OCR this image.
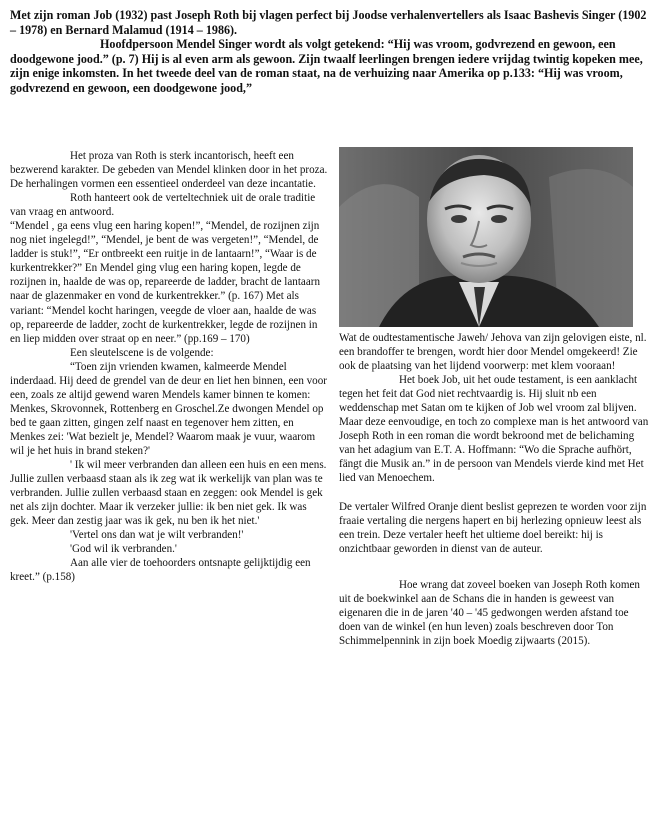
Met zijn roman Job (1932) past Joseph Roth bij vlagen perfect bij Joodse verhalenvertellers als Isaac Bashevis Singer (1902 – 1978) en Bernard Malamud (1914 – 1986).

Hoofdpersoon Mendel Singer wordt als volgt getekend: “Hij was vroom, godvrezend en gewoon, een doodgewone jood.” (p. 7) Hij is al even arm als gewoon. Zijn twaalf leerlingen brengen iedere vrijdag twintig kopeken mee, zijn enige inkomsten. In het tweede deel van de roman staat, na de verhuizing naar Amerika op p.133: “Hij was vroom, godvrezend en gewoon, een doodgewone jood,”

Het proza van Roth is sterk incantorisch, heeft een bezwerend karakter. De gebeden van Mendel klinken door in het proza. De herhalingen vormen een essentieel onderdeel van deze incantatie.

Roth hanteert ook de verteltechniek uit de orale traditie van vraag en antwoord.

“Mendel , ga eens vlug een haring kopen!”, “Mendel, de rozijnen zijn nog niet ingelegd!”, “Mendel, je bent de was vergeten!”, “Mendel, de ladder is stuk!”, “Er ontbreekt een ruitje in de lantaarn!”, “Waar is de kurkentrekker?” En Mendel ging vlug een haring kopen, legde de rozijnen in, haalde de was op, repareerde de ladder, bracht de lantaarn naar de glazenmaker en vond de kurkentrekker.” (p. 167) Met als variant: “Mendel kocht haringen, veegde de vloer aan, haalde de was op, repareerde de ladder, zocht de kurkentrekker, legde de rozijnen in en liep midden over straat op en neer.” (pp.169 – 170)

Een sleutelscene is de volgende:

“Toen zijn vrienden kwamen, kalmeerde Mendel inderdaad. Hij deed de grendel van de deur en liet hen binnen, een voor een, zoals ze altijd gewend waren Mendels kamer binnen te komen: Menkes, Skrovonnek, Rottenberg en Groschel.Ze dwongen Mendel op bed te gaan zitten, gingen zelf naast en tegenover hem zitten, en Menkes zei: 'Wat bezielt je, Mendel? Waarom maak je vuur, waarom wil je het huis in brand steken?'

' Ik wil meer verbranden dan alleen een huis en een mens. Jullie zullen verbaasd staan als ik zeg wat ik werkelijk van plan was te verbranden. Jullie zullen verbaasd staan en zeggen: ook Mendel is gek net als zijn dochter. Maar ik verzeker jullie: ik ben niet gek. Ik was gek. Meer dan zestig jaar was ik gek, nu ben ik het niet.'

'Vertel ons dan wat je wilt verbranden!'

'God wil ik verbranden.'

Aan alle vier de toehoorders ontsnapte gelijktijdig een kreet.” (p.158)

Wat de oudtestamentische Jaweh/ Jehova van zijn gelovigen eiste, nl. een brandoffer te brengen, wordt hier door Mendel omgekeerd! Zie ook de plaatsing van het lijdend voorwerp: met klem vooraan!

Het boek Job, uit het oude testament, is een aanklacht tegen het feit dat God niet rechtvaardig is. Hij sluit nb een weddenschap met Satan om te kijken of Job wel vroom zal blijven. Maar deze eenvoudige, en toch zo complexe man is het antwoord van Joseph Roth in een roman die wordt bekroond met de belichaming van het adagium van E.T. A. Hoffmann: “Wo die Sprache aufhört, fängt die Musik an.” in de persoon van Mendels vierde kind met Het lied van Menoechem.

De vertaler Wilfred Oranje dient beslist geprezen te worden voor zijn fraaie vertaling die nergens hapert en bij herlezing opnieuw leest als een trein. Deze vertaler heeft het ultieme doel bereikt: hij is onzichtbaar geworden in dienst van de auteur.

Hoe wrang dat zoveel boeken van Joseph Roth komen uit de boekwinkel aan de Schans die in handen is geweest van eigenaren die in de jaren '40 – '45 gedwongen werden afstand toe doen van de winkel (en hun leven) zoals beschreven door Ton Schimmelpennink in zijn boek Moedig zijwaarts (2015).
